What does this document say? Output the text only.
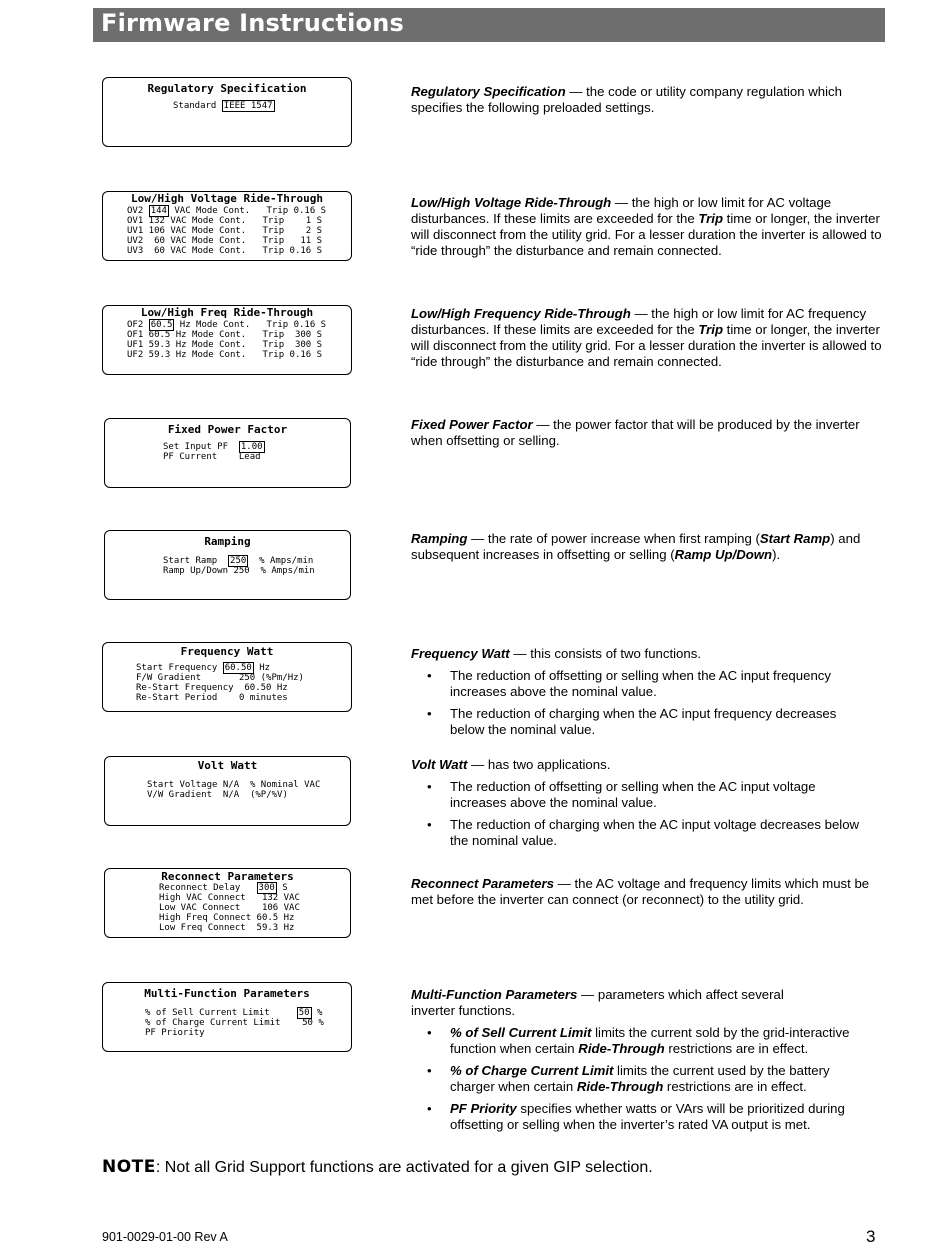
Firmware Instructions
Regulatory Specification
Standard IEEE 1547
Low/High Voltage Ride-Through
OV2 144 VAC Mode Cont.   Trip 0.16 S
OV1 132 VAC Mode Cont.   Trip    1 S
UV1 106 VAC Mode Cont.   Trip    2 S
UV2  60 VAC Mode Cont.   Trip   11 S
UV3  60 VAC Mode Cont.   Trip 0.16 S
Low/High Freq Ride-Through
OF2 60.5 Hz Mode Cont.   Trip 0.16 S
OF1 60.5 Hz Mode Cont.   Trip  300 S
UF1 59.3 Hz Mode Cont.   Trip  300 S
UF2 59.3 Hz Mode Cont.   Trip 0.16 S
Fixed Power Factor
Set Input PF  1.00
PF Current    Lead
Ramping
Start Ramp  250  % Amps/min
Ramp Up/Down 250  % Amps/min
Frequency Watt
Start Frequency 60.50 Hz
F/W Gradient       250 (%Pm/Hz)
Re-Start Frequency  60.50 Hz
Re-Start Period    0 minutes
Volt Watt
Start Voltage N/A  % Nominal VAC
V/W Gradient  N/A  (%P/%V)
Reconnect Parameters
Reconnect Delay   300 S
High VAC Connect   132 VAC
Low VAC Connect    106 VAC
High Freq Connect 60.5 Hz
Low Freq Connect  59.3 Hz
Multi-Function Parameters
% of Sell Current Limit     50 %
% of Charge Current Limit    50 %
PF Priority

Regulatory Specification — the code or utility company regulation which specifies the following preloaded settings.

Low/High Voltage Ride-Through — the high or low limit for AC voltage disturbances. If these limits are exceeded for the Trip time or longer, the inverter will disconnect from the utility grid. For a lesser duration the inverter is allowed to “ride through” the disturbance and remain connected.

Low/High Frequency Ride-Through — the high or low limit for AC frequency disturbances. If these limits are exceeded for the Trip time or longer, the inverter will disconnect from the utility grid. For a lesser duration the inverter is allowed to “ride through” the disturbance and remain connected.

Fixed Power Factor — the power factor that will be produced by the inverter when offsetting or selling.

Ramping — the rate of power increase when first ramping (Start Ramp) and subsequent increases in offsetting or selling (Ramp Up/Down).

Frequency Watt — this consists of two functions.

• The reduction of offsetting or selling when the AC input frequency increases above the nominal value.
• The reduction of charging when the AC input frequency decreases below the nominal value.

Volt Watt — has two applications.

• The reduction of offsetting or selling when the AC input voltage increases above the nominal value.
• The reduction of charging when the AC input voltage decreases below the nominal value.

Reconnect Parameters — the AC voltage and frequency limits which must be met before the inverter can connect (or reconnect) to the utility grid.

Multi-Function Parameters — parameters which affect several inverter functions.

• % of Sell Current Limit limits the current sold by the grid-interactive function when certain Ride-Through restrictions are in effect.
• % of Charge Current Limit limits the current used by the battery charger when certain Ride-Through restrictions are in effect.
• PF Priority specifies whether watts or VArs will be prioritized during offsetting or selling when the inverter’s rated VA output is met.
NOTE: Not all Grid Support functions are activated for a given GIP selection.
901-0029-01-00 Rev A	3
